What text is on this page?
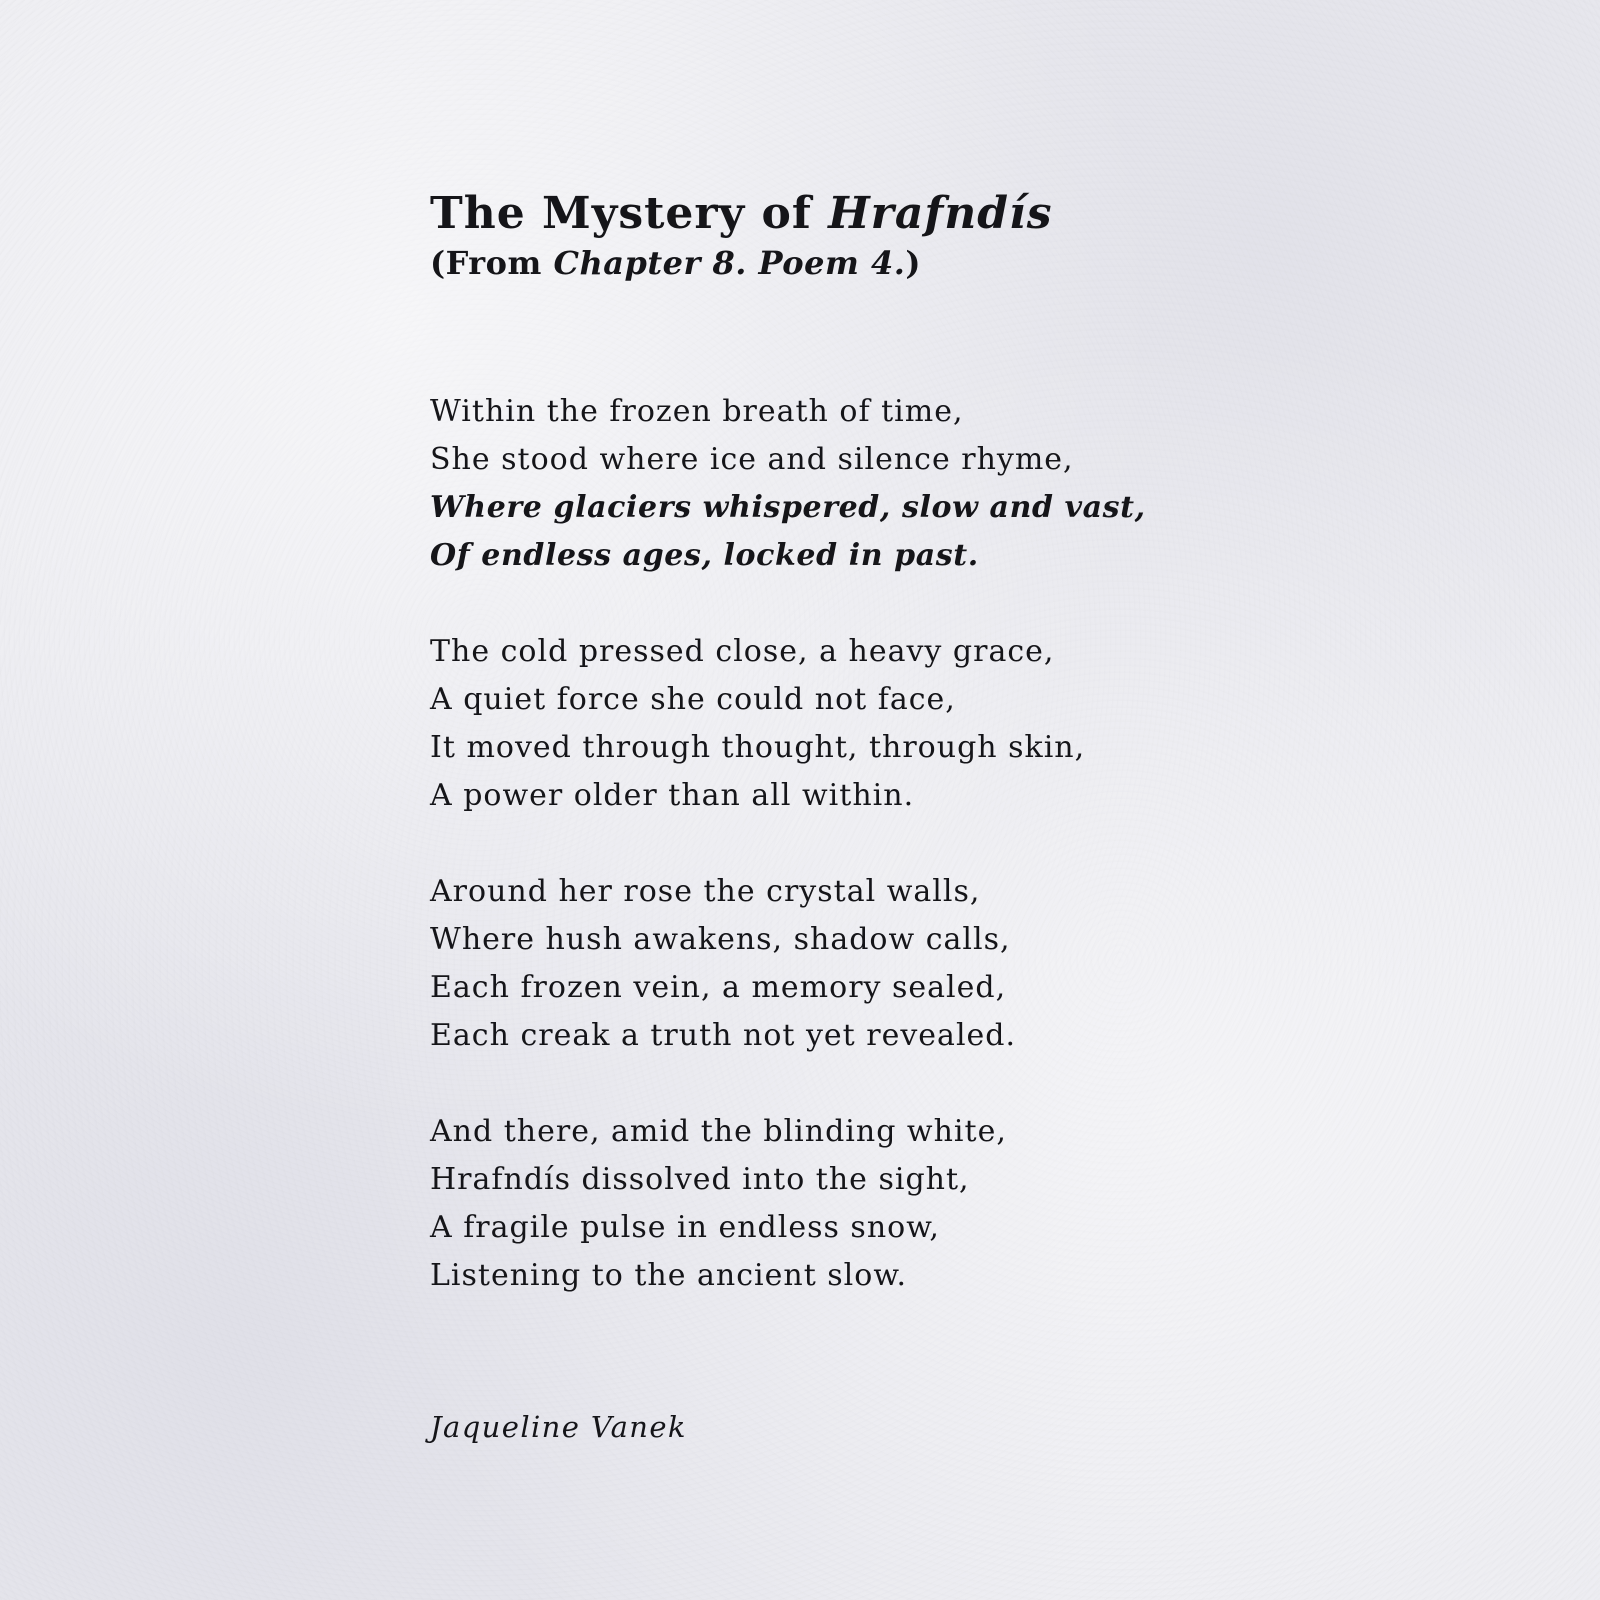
The Mystery of Hrafndís
(From Chapter 8. Poem 4.)
Within the frozen breath of time,
She stood where ice and silence rhyme,
Where glaciers whispered, slow and vast,
Of endless ages, locked in past.
The cold pressed close, a heavy grace,
A quiet force she could not face,
It moved through thought, through skin,
A power older than all within.
Around her rose the crystal walls,
Where hush awakens, shadow calls,
Each frozen vein, a memory sealed,
Each creak a truth not yet revealed.
And there, amid the blinding white,
Hrafndís dissolved into the sight,
A fragile pulse in endless snow,
Listening to the ancient slow.
Jaqueline Vanek
